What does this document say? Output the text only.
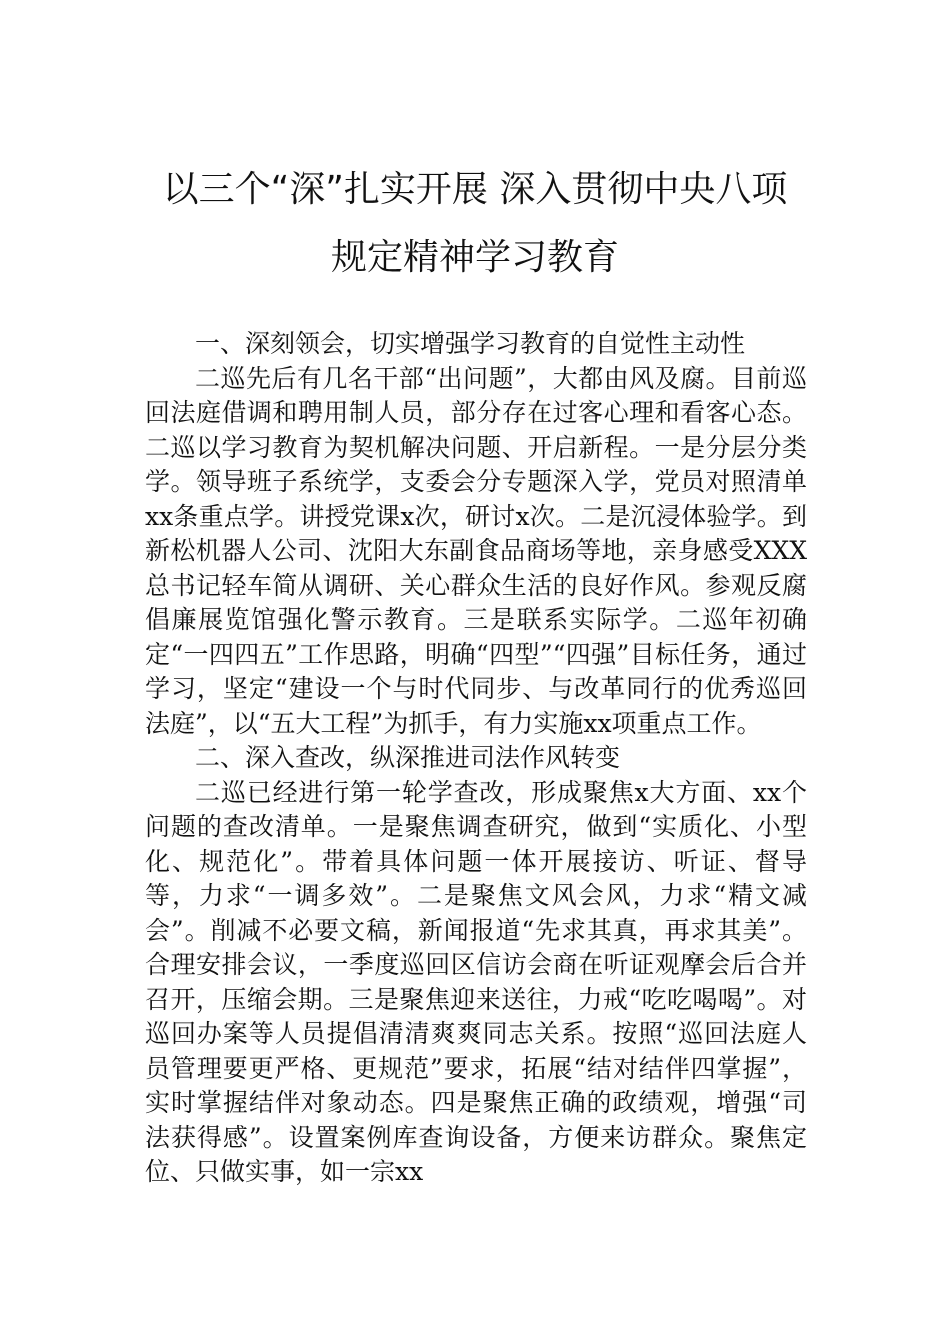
以三个“深”扎实开展 深入贯彻中央八项
规定精神学习教育

一、深刻领会，切实增强学习教育的自觉性主动性

二巡先后有几名干部“出问题”，大都由风及腐。目前巡回法庭借调和聘用制人员，部分存在过客心理和看客心态。二巡以学习教育为契机解决问题、开启新程。一是分层分类学。领导班子系统学，支委会分专题深入学，党员对照清单xx条重点学。讲授党课x次，研讨x次。二是沉浸体验学。到新松机器人公司、沈阳大东副食品商场等地，亲身感受XXX总书记轻车简从调研、关心群众生活的良好作风。参观反腐倡廉展览馆强化警示教育。三是联系实际学。二巡年初确定“一四四五”工作思路，明确“四型”“四强”目标任务，通过学习，坚定“建设一个与时代同步、与改革同行的优秀巡回法庭”，以“五大工程”为抓手，有力实施xx项重点工作。

二、深入查改，纵深推进司法作风转变

二巡已经进行第一轮学查改，形成聚焦x大方面、xx个问题的查改清单。一是聚焦调查研究，做到“实质化、小型化、规范化”。带着具体问题一体开展接访、听证、督导等，力求“一调多效”。二是聚焦文风会风，力求“精文减会”。削减不必要文稿，新闻报道“先求其真，再求其美”。合理安排会议，一季度巡回区信访会商在听证观摩会后合并召开，压缩会期。三是聚焦迎来送往，力戒“吃吃喝喝”。对巡回办案等人员提倡清清爽爽同志关系。按照“巡回法庭人员管理要更严格、更规范”要求，拓展“结对结伴四掌握”，实时掌握结伴对象动态。四是聚焦正确的政绩观，增强“司法获得感”。设置案例库查询设备，方便来访群众。聚焦定位、只做实事，如一宗xx
